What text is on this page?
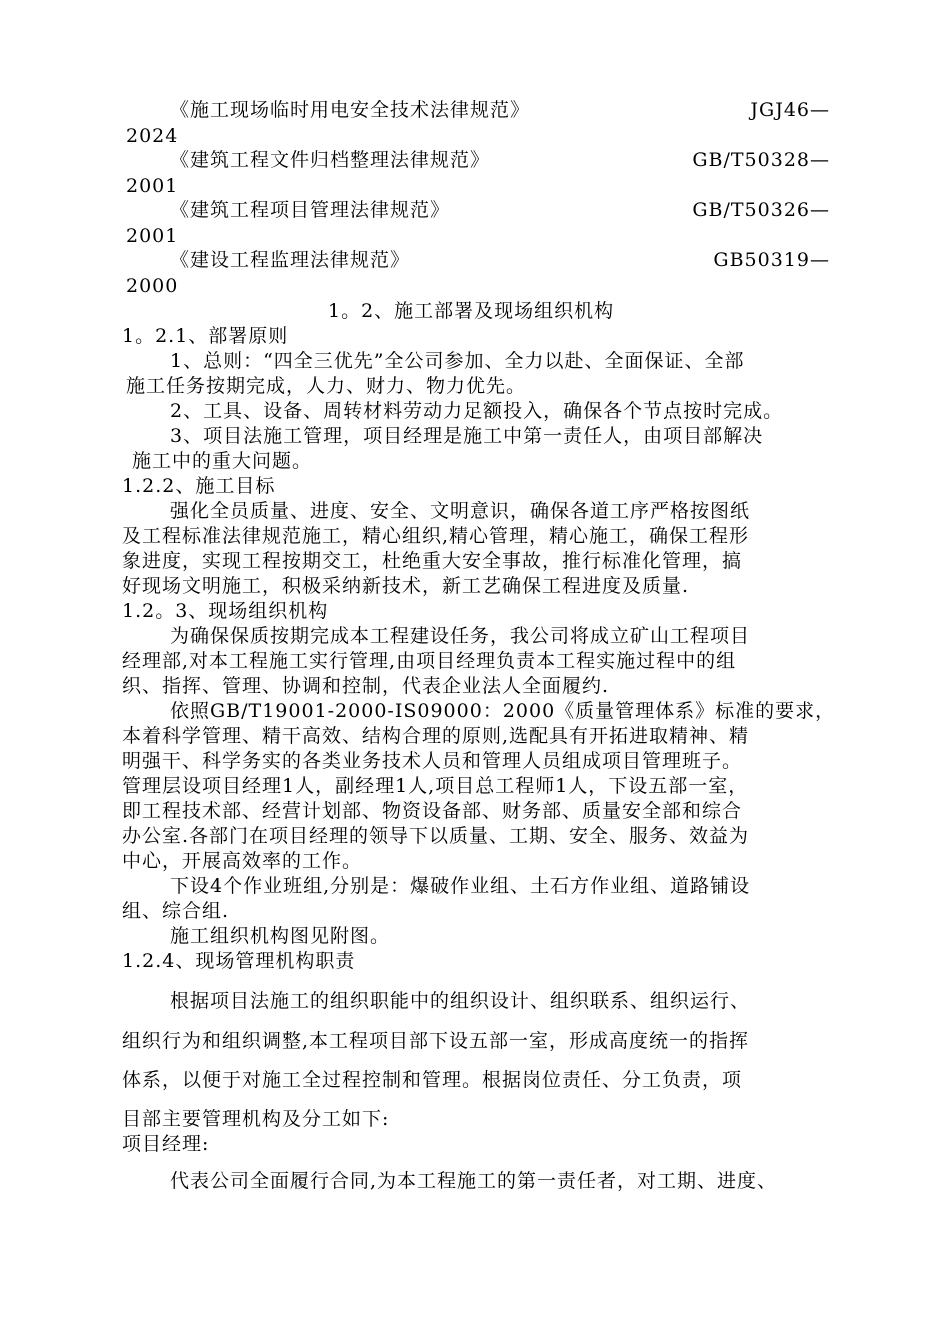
《施工现场临时用电安全技术法律规范》	JGJ46—
2024
《建筑工程文件归档整理法律规范》	GB/T50328—
2001
《建筑工程项目管理法律规范》	GB/T50326—
2001
《建设工程监理法律规范》	GB50319—
2000
1。2、施工部署及现场组织机构
1。2.1、部署原则
1、总则：“四全三优先”全公司参加、全力以赴、全面保证、全部
施工任务按期完成，人力、财力、物力优先。
2、工具、设备、周转材料劳动力足额投入，确保各个节点按时完成。
3、项目法施工管理，项目经理是施工中第一责任人，由项目部解决
施工中的重大问题。
1.2.2、施工目标
强化全员质量、进度、安全、文明意识，确保各道工序严格按图纸
及工程标准法律规范施工，精心组织,精心管理，精心施工，确保工程形
象进度，实现工程按期交工，杜绝重大安全事故，推行标准化管理，搞
好现场文明施工，积极采纳新技术，新工艺确保工程进度及质量.
1.2。3、现场组织机构
为确保保质按期完成本工程建设任务，我公司将成立矿山工程项目
经理部,对本工程施工实行管理,由项目经理负责本工程实施过程中的组
织、指挥、管理、协调和控制，代表企业法人全面履约.
依照GB/T19001-2000-IS09000：2000《质量管理体系》标准的要求，
本着科学管理、精干高效、结构合理的原则,选配具有开拓进取精神、精
明强干、科学务实的各类业务技术人员和管理人员组成项目管理班子。
管理层设项目经理1人，副经理1人,项目总工程师1人，下设五部一室，
即工程技术部、经营计划部、物资设备部、财务部、质量安全部和综合
办公室.各部门在项目经理的领导下以质量、工期、安全、服务、效益为
中心，开展高效率的工作。
下设4个作业班组,分别是：爆破作业组、土石方作业组、道路铺设
组、综合组.
施工组织机构图见附图。
1.2.4、现场管理机构职责
根据项目法施工的组织职能中的组织设计、组织联系、组织运行、
组织行为和组织调整,本工程项目部下设五部一室，形成高度统一的指挥
体系，以便于对施工全过程控制和管理。根据岗位责任、分工负责，项
目部主要管理机构及分工如下:
项目经理:
代表公司全面履行合同,为本工程施工的第一责任者，对工期、进度、
